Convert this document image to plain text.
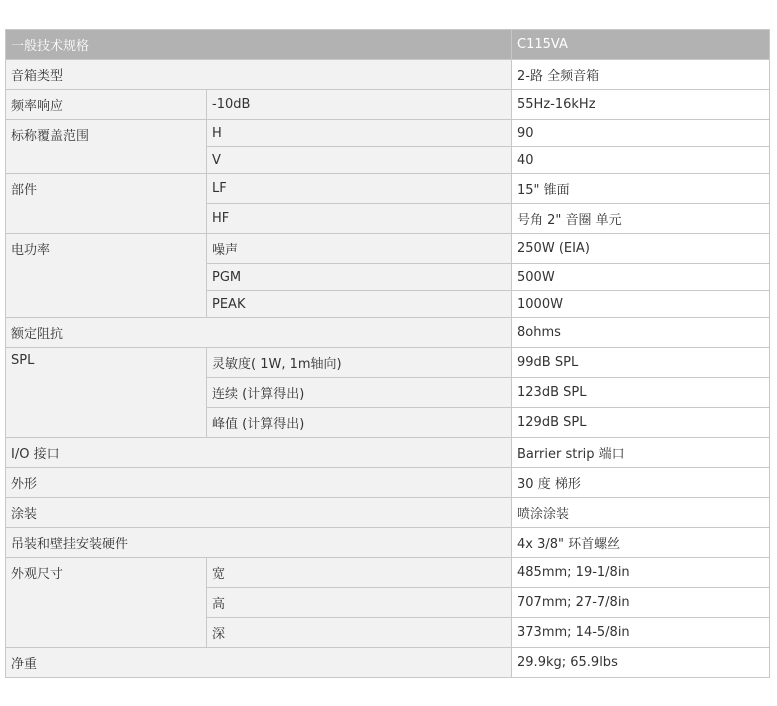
一般技术规格		C115VA
音箱类型		2-路 全频音箱
频率响应	-10dB	55Hz-16kHz
标称覆盖范围	H	90
	V	40
部件	LF	15" 锥面
	HF	号角 2" 音圈 单元
电功率	噪声	250W (EIA)
	PGM	500W
	PEAK	1000W
额定阻抗		8ohms
SPL	灵敏度( 1W, 1m轴向)	99dB SPL
	连续 (计算得出)	123dB SPL
	峰值 (计算得出)	129dB SPL
I/O 接口		Barrier strip 端口
外形		30 度 梯形
涂装		喷涂涂装
吊装和壁挂安装硬件		4x 3/8" 环首螺丝
外观尺寸	宽	485mm; 19-1/8in
	高	707mm; 27-7/8in
	深	373mm; 14-5/8in
净重		29.9kg; 65.9lbs
